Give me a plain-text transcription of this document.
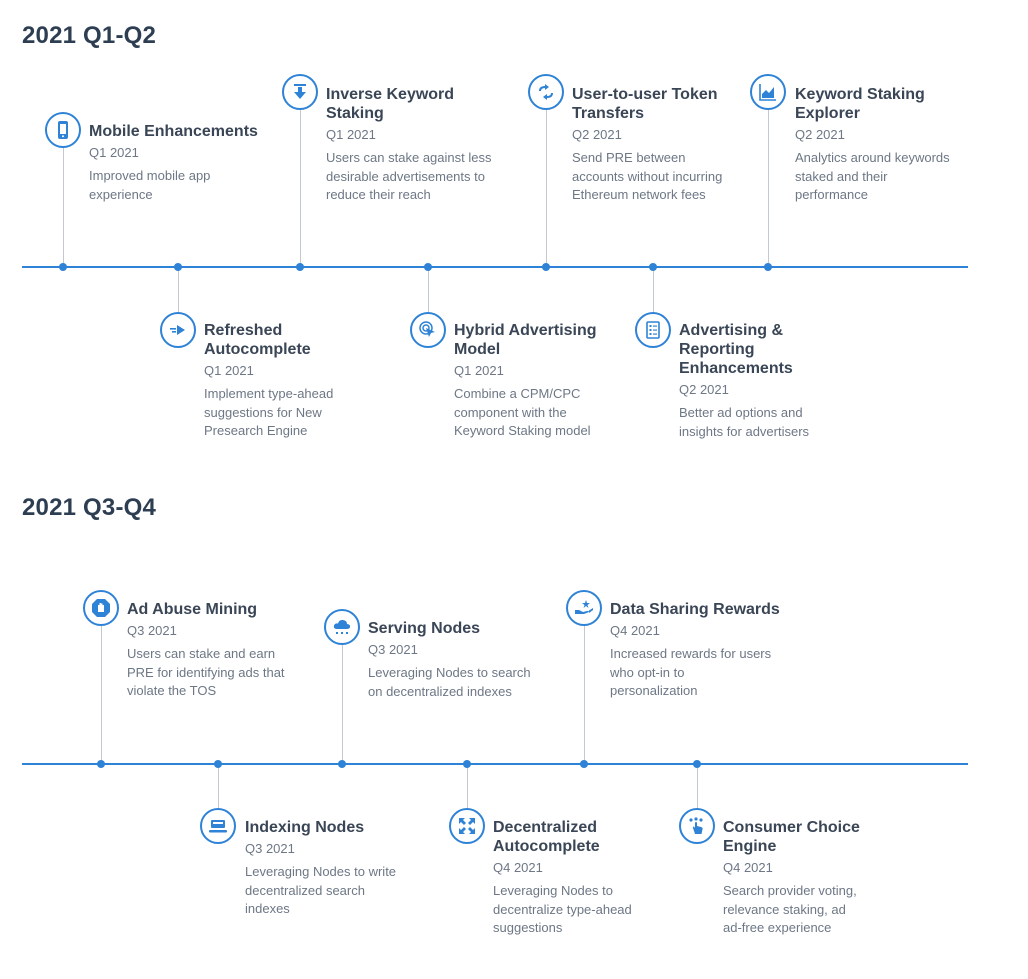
2021 Q1-Q2
Mobile Enhancements
Q1 2021
Improved mobile app
experience
Refreshed
Autocomplete
Q1 2021
Implement type-ahead
suggestions for New
Presearch Engine
Inverse Keyword
Staking
Q1 2021
Users can stake against less
desirable advertisements to
reduce their reach
Hybrid Advertising
Model
Q1 2021
Combine a CPM/CPC
component with the
Keyword Staking model
User-to-user Token
Transfers
Q2 2021
Send PRE between
accounts without incurring
Ethereum network fees
Advertising &
Reporting
Enhancements
Q2 2021
Better ad options and
insights for advertisers
Keyword Staking
Explorer
Q2 2021
Analytics around keywords
staked and their
performance
2021 Q3-Q4
Ad Abuse Mining
Q3 2021
Users can stake and earn
PRE for identifying ads that
violate the TOS
Indexing Nodes
Q3 2021
Leveraging Nodes to write
decentralized search
indexes
Serving Nodes
Q3 2021
Leveraging Nodes to search
on decentralized indexes
Decentralized
Autocomplete
Q4 2021
Leveraging Nodes to
decentralize type-ahead
suggestions
Data Sharing Rewards
Q4 2021
Increased rewards for users
who opt-in to
personalization
Consumer Choice
Engine
Q4 2021
Search provider voting,
relevance staking, ad
ad-free experience
